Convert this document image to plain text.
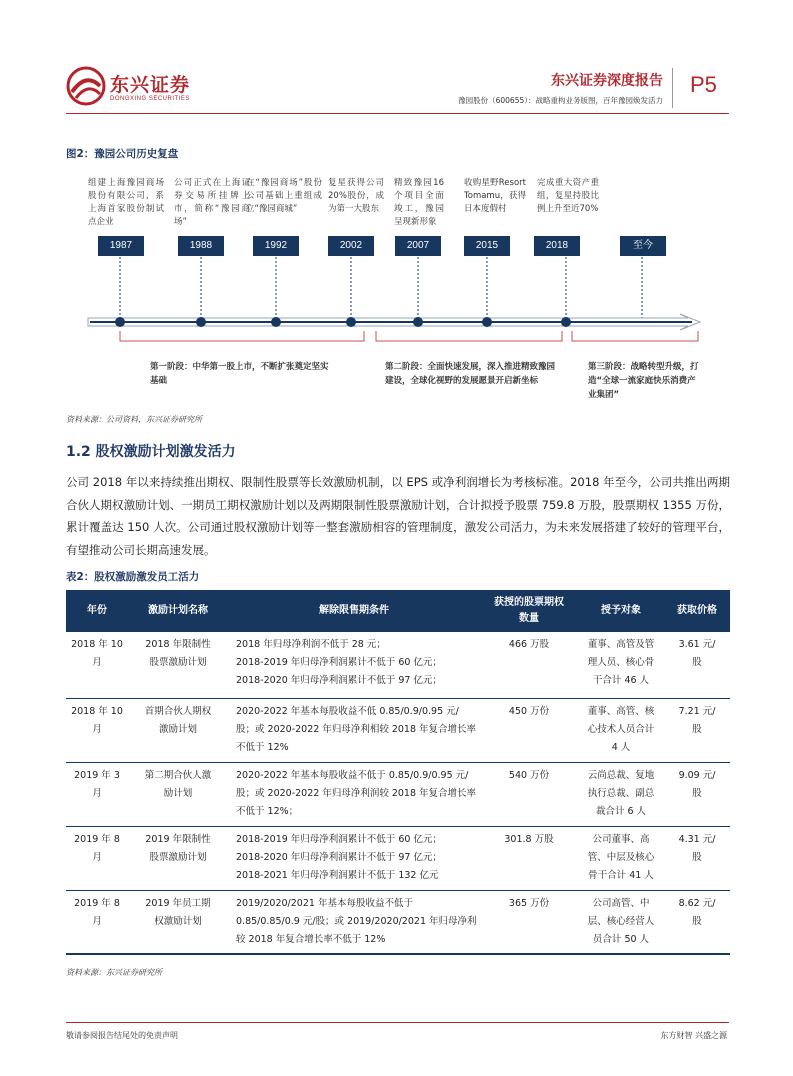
东兴证券
DONGXING SECURITIES
东兴证券深度报告
豫园股份（600655）：战略重构业务版图，百年豫园焕发活力
P5
图2：豫园公司历史复盘
组建上海豫园商场股份有限公司，系上海首家股份制试点企业
公司正式在上海证券交易所挂牌上市，简称“豫园商场”
在“豫园商场”股份公司基础上重组成立“豫园商城”
复星获得公司20%股份，成为第一大股东
精致豫园16个项目全面竣工，豫园呈现新形象
收购星野Resort Tomamu，获得日本度假村
完成重大资产重组，复星持股比例上升至近70%
1987	1988	1992	2002	2007	2015	2018	至今
第一阶段：中华第一股上市，不断扩张奠定坚实基础
第二阶段：全面快速发展，深入推进精致豫园建设，全球化视野的发展愿景开启新坐标
第三阶段：战略转型升级，打造“全球一流家庭快乐消费产业集团”
资料来源：公司资料，东兴证券研究所
1.2 股权激励计划激发活力
公司 2018 年以来持续推出期权、限制性股票等长效激励机制，以 EPS 或净利润增长为考核标准。2018 年至今，公司共推出两期合伙人期权激励计划、一期员工期权激励计划以及两期限制性股票激励计划，合计拟授予股票 759.8 万股，股票期权 1355 万份，累计覆盖达 150 人次。公司通过股权激励计划等一整套激励相容的管理制度，激发公司活力，为未来发展搭建了较好的管理平台，有望推动公司长期高速发展。
表2：股权激励激发员工活力
年份	激励计划名称	解除限售期条件	获授的股票期权数量	授予对象	获取价格
2018 年 10 月	2018 年限制性股票激励计划	2018 年归母净利润不低于 28 元；
2018-2019 年归母净利润累计不低于 60 亿元；
2018-2020 年归母净利润累计不低于 97 亿元；	466 万股	董事、高管及管理人员、核心骨干合计 46 人	3.61 元/股
2018 年 10 月	首期合伙人期权激励计划	2020-2022 年基本每股收益不低 0.85/0.9/0.95 元/股；或 2020-2022 年归母净利相较 2018 年复合增长率不低于 12%	450 万份	董事、高管、核心技术人员合计 4 人	7.21 元/股
2019 年 3 月	第二期合伙人激励计划	2020-2022 年基本每股收益不低于 0.85/0.9/0.95 元/股；或 2020-2022 年归母净利润较 2018 年复合增长率不低于 12%；	540 万份	云尚总裁、复地执行总裁、副总裁合计 6 人	9.09 元/股
2019 年 8 月	2019 年限制性股票激励计划	2018-2019 年归母净利润累计不低于 60 亿元；
2018-2020 年归母净利润累计不低于 97 亿元；
2018-2021 年归母净利润累计不低于 132 亿元	301.8 万股	公司董事、高管、中层及核心骨干合计 41 人	4.31 元/股
2019 年 8 月	2019 年员工期权激励计划	2019/2020/2021 年基本每股收益不低于 0.85/0.85/0.9 元/股；或 2019/2020/2021 年归母净利较 2018 年复合增长率不低于 12%	365 万份	公司高管、中层、核心经营人员合计 50 人	8.62 元/股
资料来源：东兴证券研究所
敬请参阅报告结尾处的免责声明	东方财智 兴盛之源
